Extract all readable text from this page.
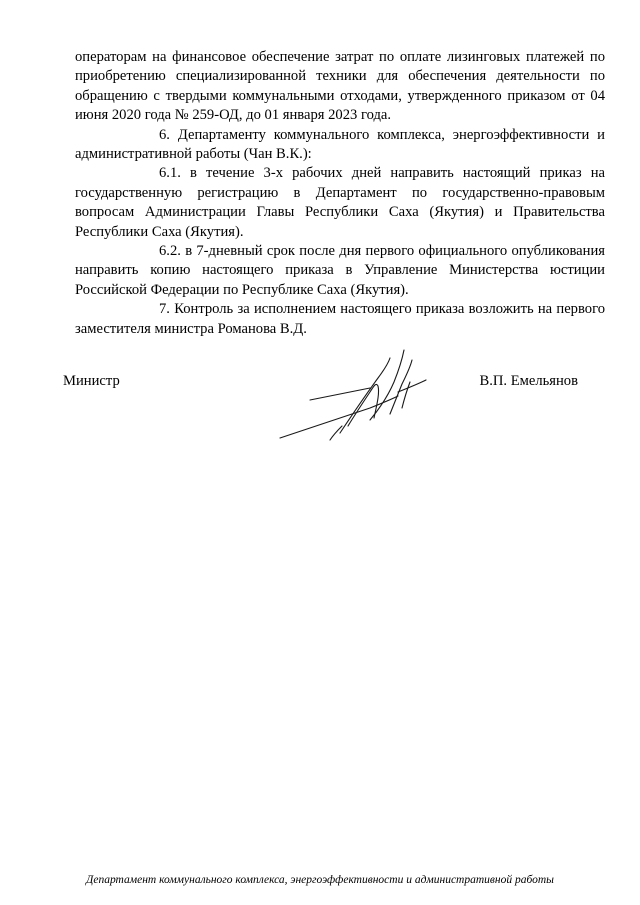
операторам на финансовое обеспечение затрат по оплате лизинговых платежей по приобретению специализированной техники для обеспечения деятельности по обращению с твердыми коммунальными отходами, утвержденного приказом от 04 июня 2020 года № 259-ОД, до 01 января 2023 года.

6. Департаменту коммунального комплекса, энергоэффективности и административной работы (Чан В.К.):

6.1. в течение 3-х рабочих дней направить настоящий приказ на государственную регистрацию в Департамент по государственно-правовым вопросам Администрации Главы Республики Саха (Якутия) и Правительства Республики Саха (Якутия).

6.2. в 7-дневный срок после дня первого официального опубликования направить копию настоящего приказа в Управление Министерства юстиции Российской Федерации по Республике Саха (Якутия).

7. Контроль за исполнением настоящего приказа возложить на первого заместителя министра Романова В.Д.

Министр	В.П. Емельянов
Департамент коммунального комплекса, энергоэффективности и административной работы
